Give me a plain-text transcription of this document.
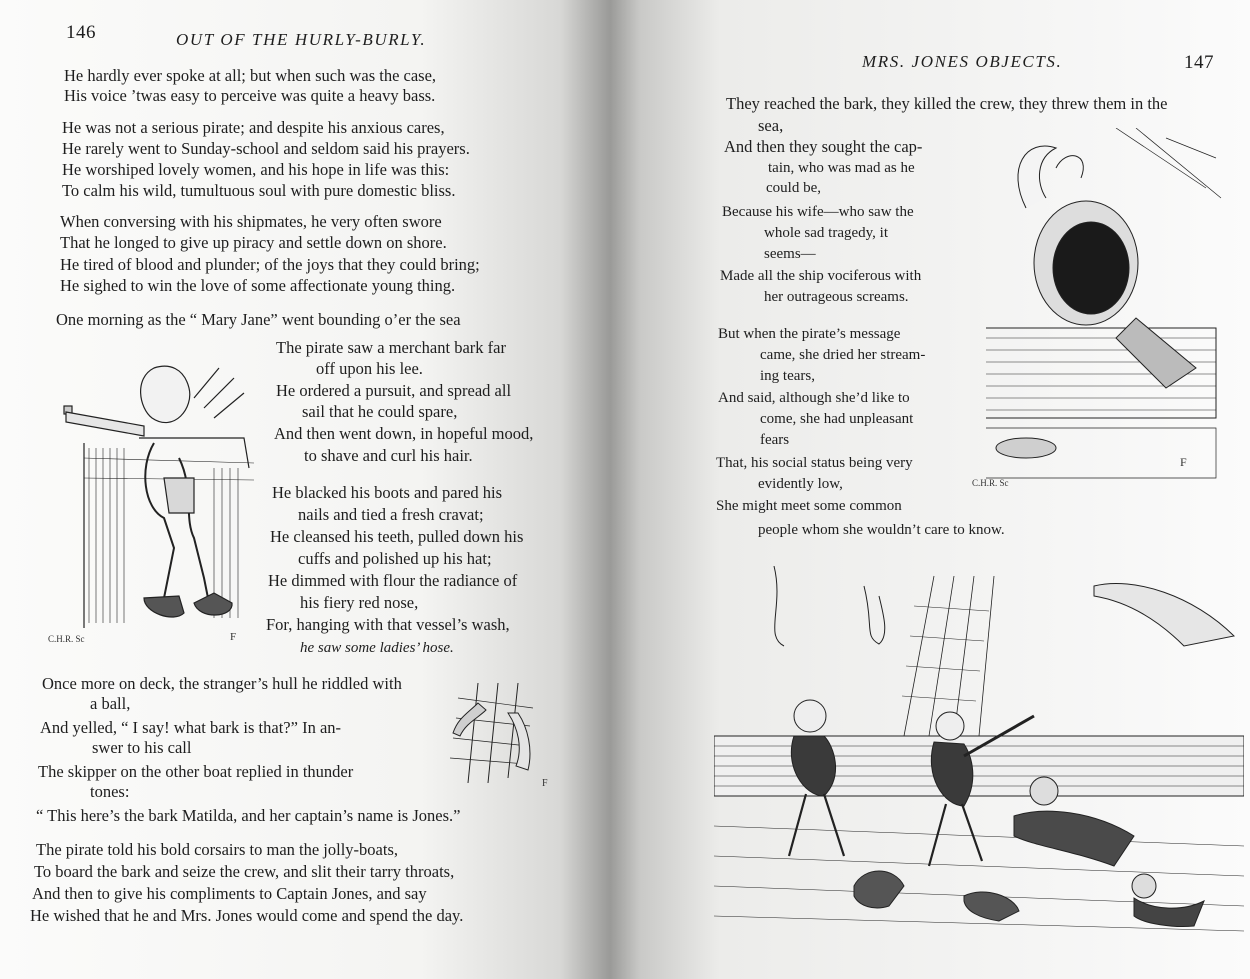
146	OUT OF THE HURLY-BURLY.
He hardly ever spoke at all; but when such was the case,
His voice ’twas easy to perceive was quite a heavy bass.
He was not a serious pirate; and despite his anxious cares,
He rarely went to Sunday-school and seldom said his prayers.
He worshiped lovely women, and his hope in life was this:
To calm his wild, tumultuous soul with pure domestic bliss.
When conversing with his shipmates, he very often swore
That he longed to give up piracy and settle down on shore.
He tired of blood and plunder; of the joys that they could bring;
He sighed to win the love of some affectionate young thing.
One morning as the “ Mary Jane” went bounding o’er the sea
The pirate saw a merchant bark far
off upon his lee.
He ordered a pursuit, and spread all
sail that he could spare,
And then went down, in hopeful mood,
to shave and curl his hair.
He blacked his boots and pared his
nails and tied a fresh cravat;
He cleansed his teeth, pulled down his
cuffs and polished up his hat;
He dimmed with flour the radiance of
his fiery red nose,
For, hanging with that vessel’s wash,
he saw some ladies’ hose.
Once more on deck, the stranger’s hull he riddled with
a ball,
And yelled, “ I say! what bark is that?” In an-
swer to his call
The skipper on the other boat replied in thunder
tones:
“ This here’s the bark Matilda, and her captain’s name is Jones.”
The pirate told his bold corsairs to man the jolly-boats,
To board the bark and seize the crew, and slit their tarry throats,
And then to give his compliments to Captain Jones, and say
He wished that he and Mrs. Jones would come and spend the day.
C.H.R. Sc	F
F
MRS. JONES OBJECTS.	147
They reached the bark, they killed the crew, they threw them in the
sea,
And then they sought the cap-
tain, who was mad as he
could be,
Because his wife—who saw the
whole sad tragedy, it
seems—
Made all the ship vociferous with
her outrageous screams.
But when the pirate’s message
came, she dried her stream-
ing tears,
And said, although she’d like to
come, she had unpleasant
fears
That, his social status being very
evidently low,
She might meet some common
people whom she wouldn’t care to know.
C.H.R. Sc
F
